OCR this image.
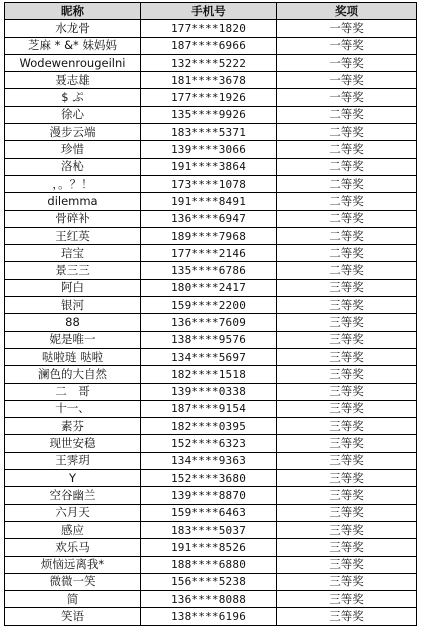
昵称	手机号	奖项
水龙骨	177****1820	一等奖
芝麻 * &* 妹妈妈	187****6966	一等奖
Wodewenrougeilni	132****5222	一等奖
聂志雄	181****3678	一等奖
$ ぷ	177****1926	一等奖
徐心	135****9926	二等奖
漫步云端	183****5371	二等奖
珍惜	139****3066	二等奖
洛杺	191****3864	二等奖
，。？！	173****1078	二等奖
dilemma	191****8491	二等奖
骨碎补	136****6947	二等奖
王红英	189****7968	二等奖
琂宝	177****2146	二等奖
景三三	135****6786	二等奖
阿白	180****2417	三等奖
银河	159****2200	三等奖
88	136****7609	三等奖
妮是唯一	138****9576	三等奖
哒啦琏 哒啦	134****5697	三等奖
澜色的大自然	182****1518	三等奖
二　哥	139****0338	三等奖
十一、	187****9154	三等奖
素芬	182****0395	三等奖
现世安稳	152****6323	三等奖
王霁玥	134****9363	三等奖
Y	152****3680	三等奖
空谷幽兰	139****8870	三等奖
六月天	159****6463	三等奖
感应	183****5037	三等奖
欢乐马	191****8526	三等奖
烦恼远离我*	188****6880	三等奖
微微一笑	156****5238	三等奖
简	136****8088	三等奖
笑语	138****6196	三等奖
